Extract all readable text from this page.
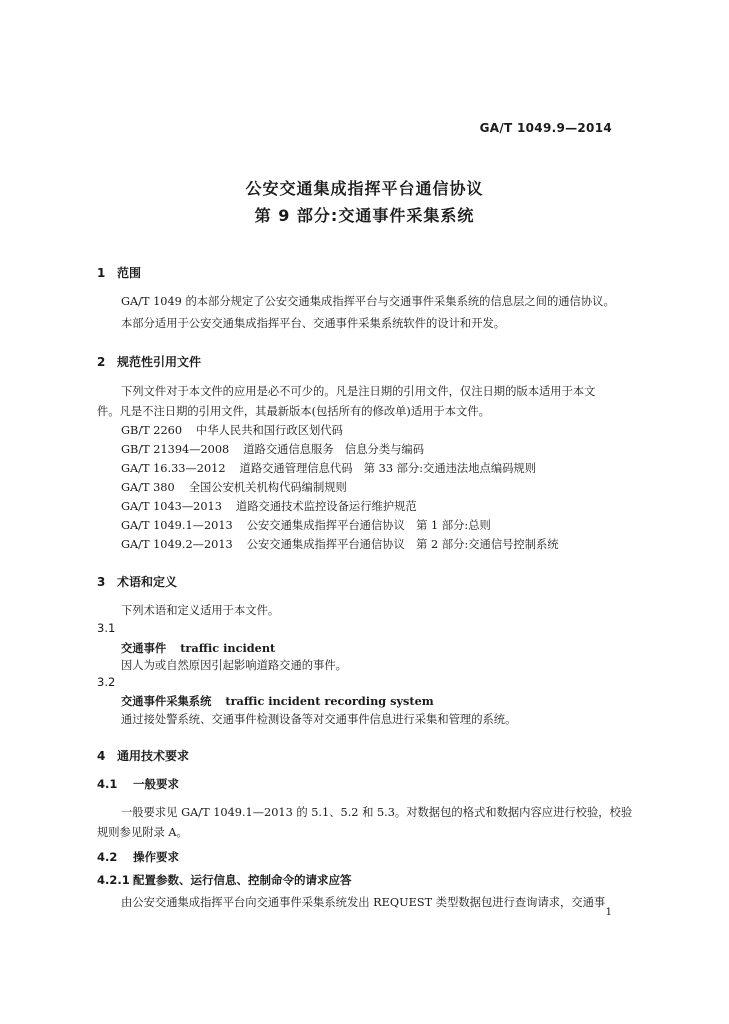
GA/T 1049.9—2014
公安交通集成指挥平台通信协议
第 9 部分:交通事件采集系统
1 范围
GA/T 1049 的本部分规定了公安交通集成指挥平台与交通事件采集系统的信息层之间的通信协议。
本部分适用于公安交通集成指挥平台、交通事件采集系统软件的设计和开发。
2 规范性引用文件
下列文件对于本文件的应用是必不可少的。凡是注日期的引用文件，仅注日期的版本适用于本文
件。凡是不注日期的引用文件，其最新版本(包括所有的修改单)适用于本文件。
GB/T 2260 中华人民共和国行政区划代码
GB/T 21394—2008 道路交通信息服务　信息分类与编码
GA/T 16.33—2012 道路交通管理信息代码　第 33 部分:交通违法地点编码规则
GA/T 380 全国公安机关机构代码编制规则
GA/T 1043—2013 道路交通技术监控设备运行维护规范
GA/T 1049.1—2013 公安交通集成指挥平台通信协议　第 1 部分:总则
GA/T 1049.2—2013 公安交通集成指挥平台通信协议　第 2 部分:交通信号控制系统
3 术语和定义
下列术语和定义适用于本文件。
3.1
交通事件 traffic incident
因人为或自然原因引起影响道路交通的事件。
3.2
交通事件采集系统 traffic incident recording system
通过接处警系统、交通事件检测设备等对交通事件信息进行采集和管理的系统。
4 通用技术要求
4.1 一般要求
一般要求见 GA/T 1049.1—2013 的 5.1、5.2 和 5.3。对数据包的格式和数据内容应进行校验，校验
规则参见附录 A。
4.2 操作要求
4.2.1 配置参数、运行信息、控制命令的请求应答
由公安交通集成指挥平台向交通事件采集系统发出 REQUEST 类型数据包进行查询请求，交通事
1
